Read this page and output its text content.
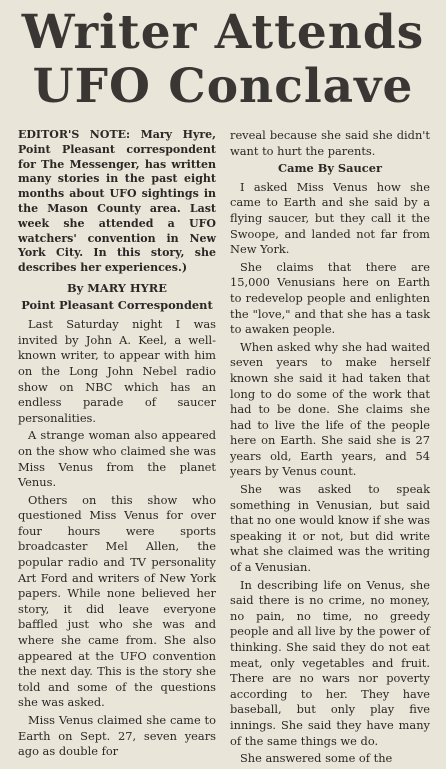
Writer Attends
UFO Conclave
EDITOR'S NOTE: Mary Hyre, Point Pleasant correspondent for The Messenger, has written many stories in the past eight months about UFO sightings in the Mason County area. Last week she attended a UFO watchers' convention in New York City. In this story, she describes her experiences.)
By MARY HYRE
Point Pleasant Correspondent

Last Saturday night I was invited by John A. Keel, a well-known writer, to appear with him on the Long John Nebel radio show on NBC which has an endless parade of saucer personalities.

A strange woman also appeared on the show who claimed she was Miss Venus from the planet Venus.

Others on this show who questioned Miss Venus for over four hours were sports broadcaster Mel Allen, the popular radio and TV personality Art Ford and writers of New York papers. While none believed her story, it did leave everyone baffled just who she was and where she came from. She also appeared at the UFO convention the next day. This is the story she told and some of the questions she was asked.

Miss Venus claimed she came to Earth on Sept. 27, seven years ago as double for

reveal because she said she didn't want to hurt the parents.

Came By Saucer

I asked Miss Venus how she came to Earth and she said by a flying saucer, but they call it the Swoope, and landed not far from New York.

She claims that there are 15,000 Venusians here on Earth to redevelop people and enlighten the "love," and that she has a task to awaken people.

When asked why she had waited seven years to make herself known she said it had taken that long to do some of the work that had to be done. She claims she had to live the life of the people here on Earth. She said she is 27 years old, Earth years, and 54 years by Venus count.

She was asked to speak something in Venusian, but said that no one would know if she was speaking it or not, but did write what she claimed was the writing of a Venusian.

In describing life on Venus, she said there is no crime, no money, no pain, no time, no greedy people and all live by the power of thinking. She said they do not eat meat, only vegetables and fruit. There are no wars nor poverty according to her. They have baseball, but only play five innings. She said they have many of the same things we do.

She answered some of the
